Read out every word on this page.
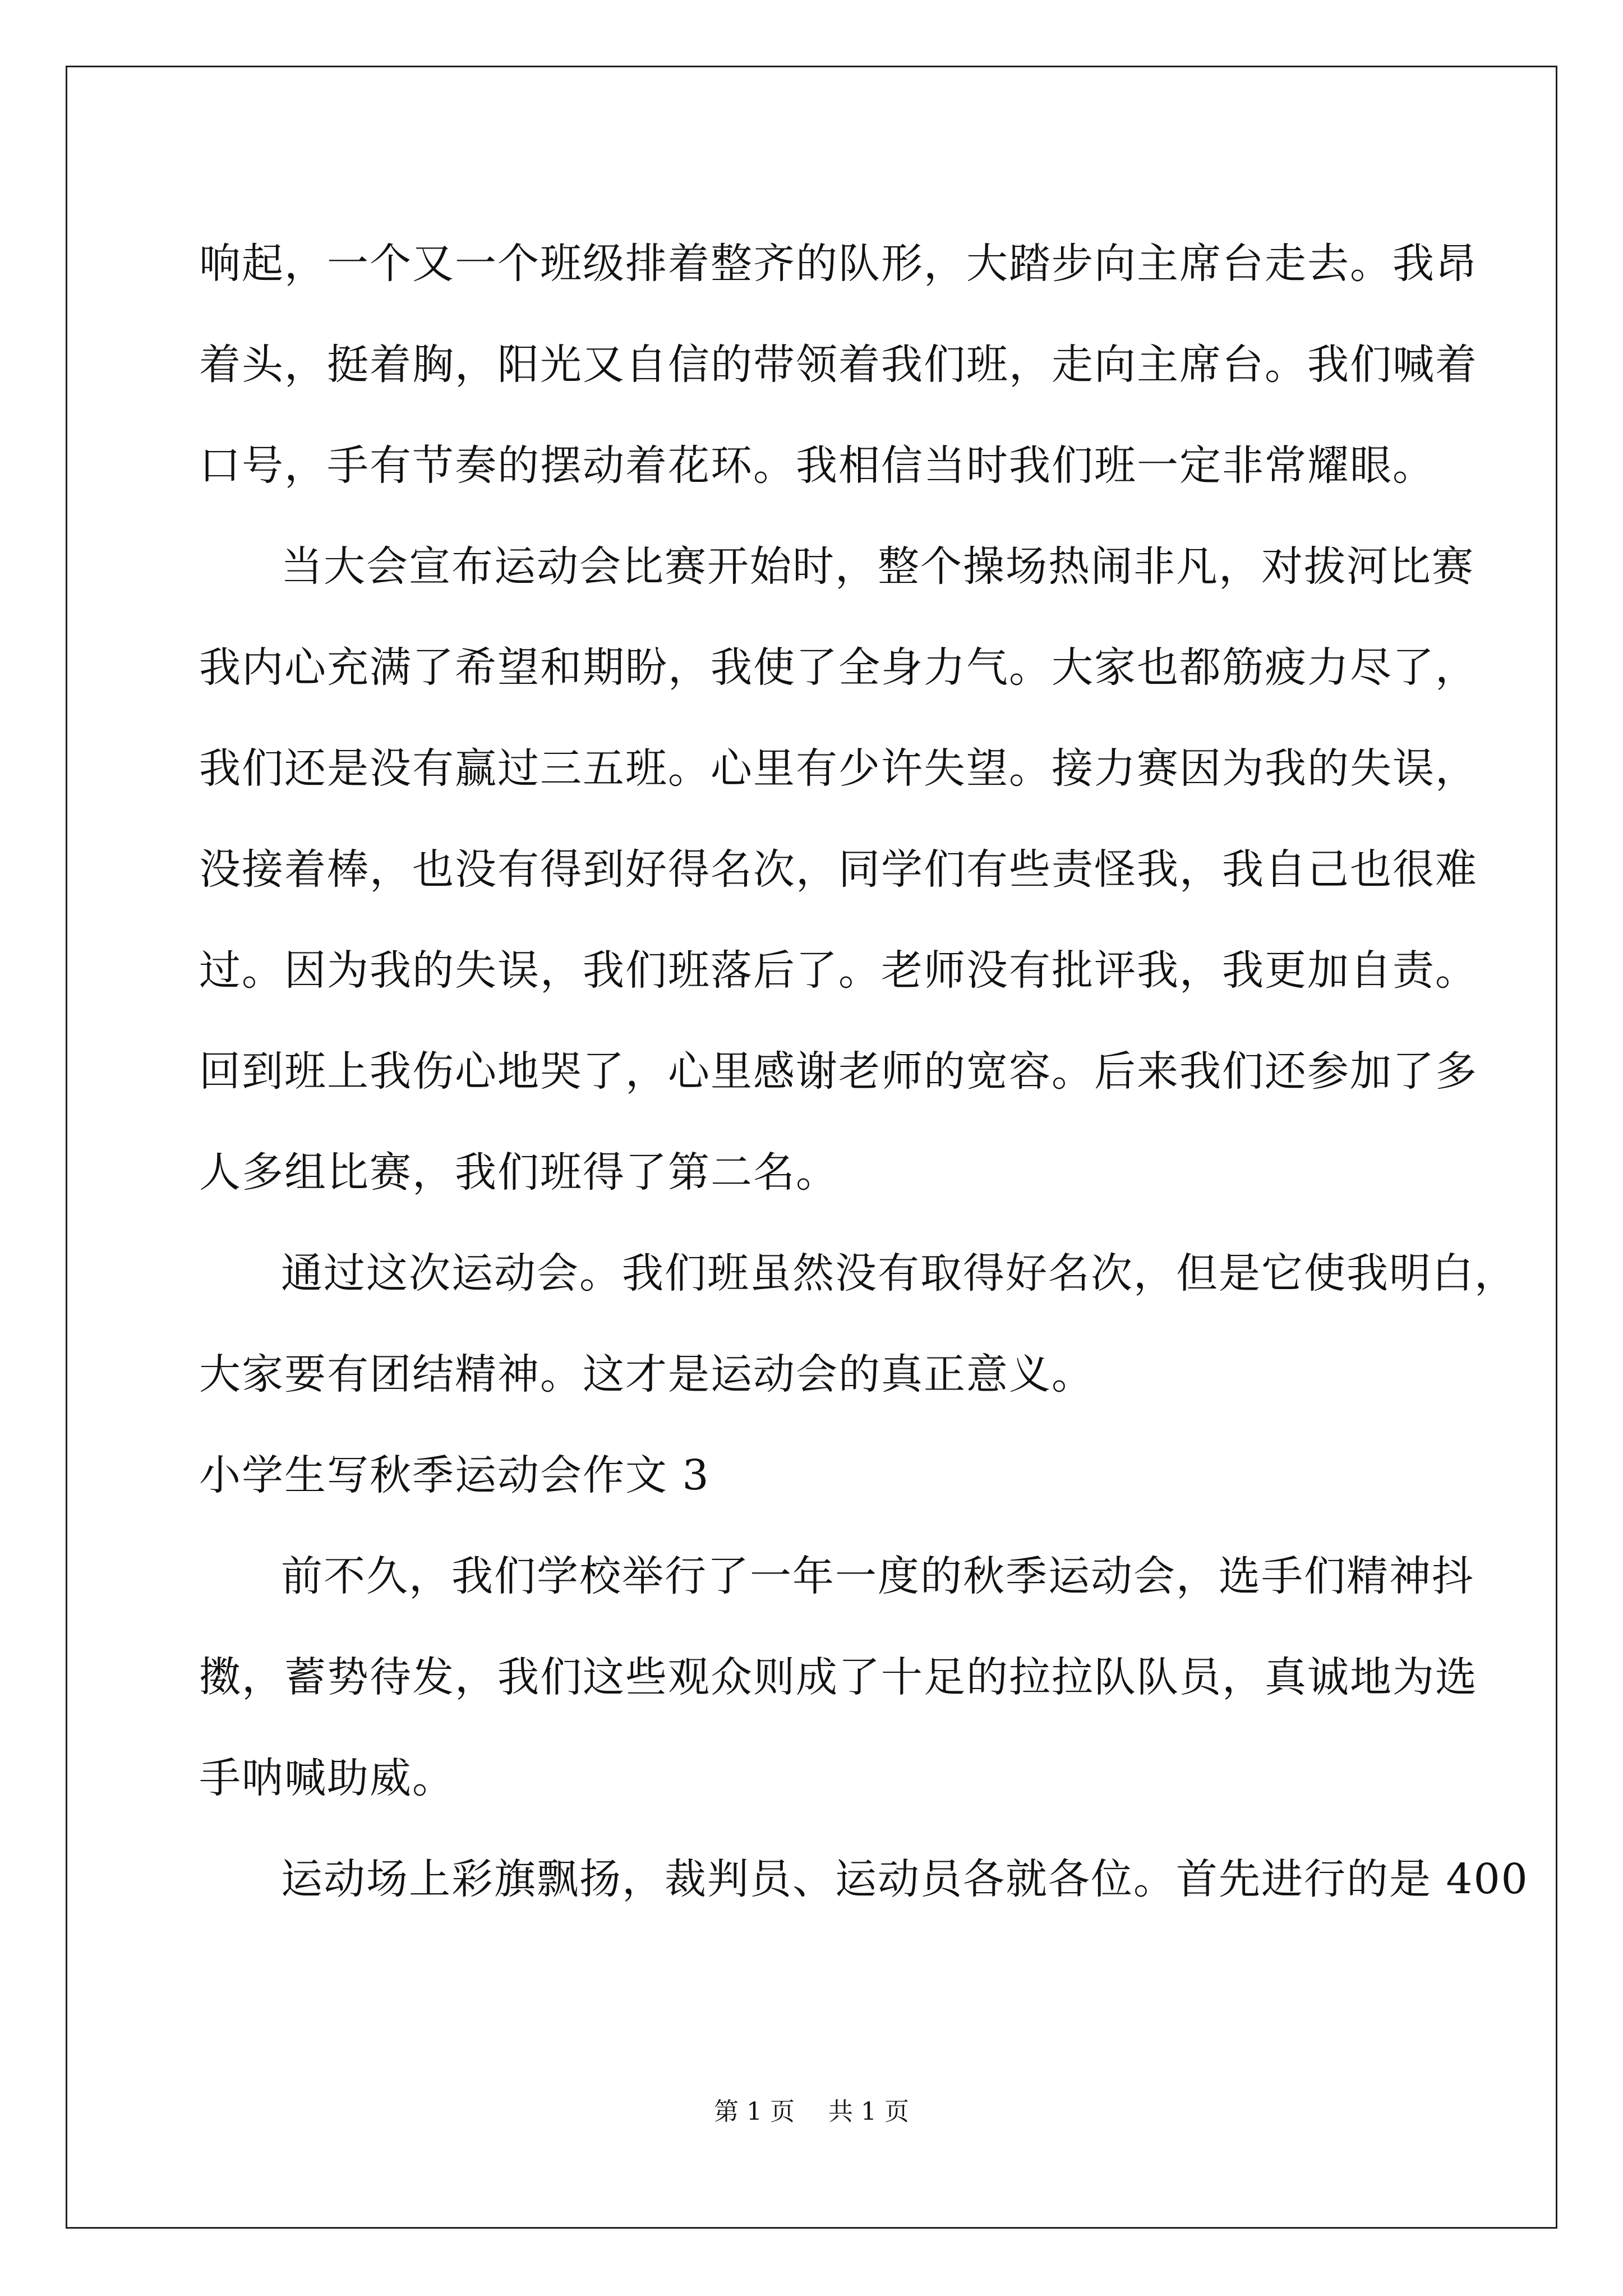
响起，一个又一个班级排着整齐的队形，大踏步向主席台走去。我昂
着头，挺着胸，阳光又自信的带领着我们班，走向主席台。我们喊着
口号，手有节奏的摆动着花环。我相信当时我们班一定非常耀眼。
当大会宣布运动会比赛开始时，整个操场热闹非凡，对拔河比赛
我内心充满了希望和期盼，我使了全身力气。大家也都筋疲力尽了，
我们还是没有赢过三五班。心里有少许失望。接力赛因为我的失误，
没接着棒，也没有得到好得名次，同学们有些责怪我，我自己也很难
过。因为我的失误，我们班落后了。老师没有批评我，我更加自责。
回到班上我伤心地哭了，心里感谢老师的宽容。后来我们还参加了多
人多组比赛，我们班得了第二名。
通过这次运动会。我们班虽然没有取得好名次，但是它使我明白，
大家要有团结精神。这才是运动会的真正意义。
小学生写秋季运动会作文 3
前不久，我们学校举行了一年一度的秋季运动会，选手们精神抖
擞，蓄势待发，我们这些观众则成了十足的拉拉队队员，真诚地为选
手呐喊助威。
运动场上彩旗飘扬，裁判员、运动员各就各位。首先进行的是 400
第 1 页 共 1 页
